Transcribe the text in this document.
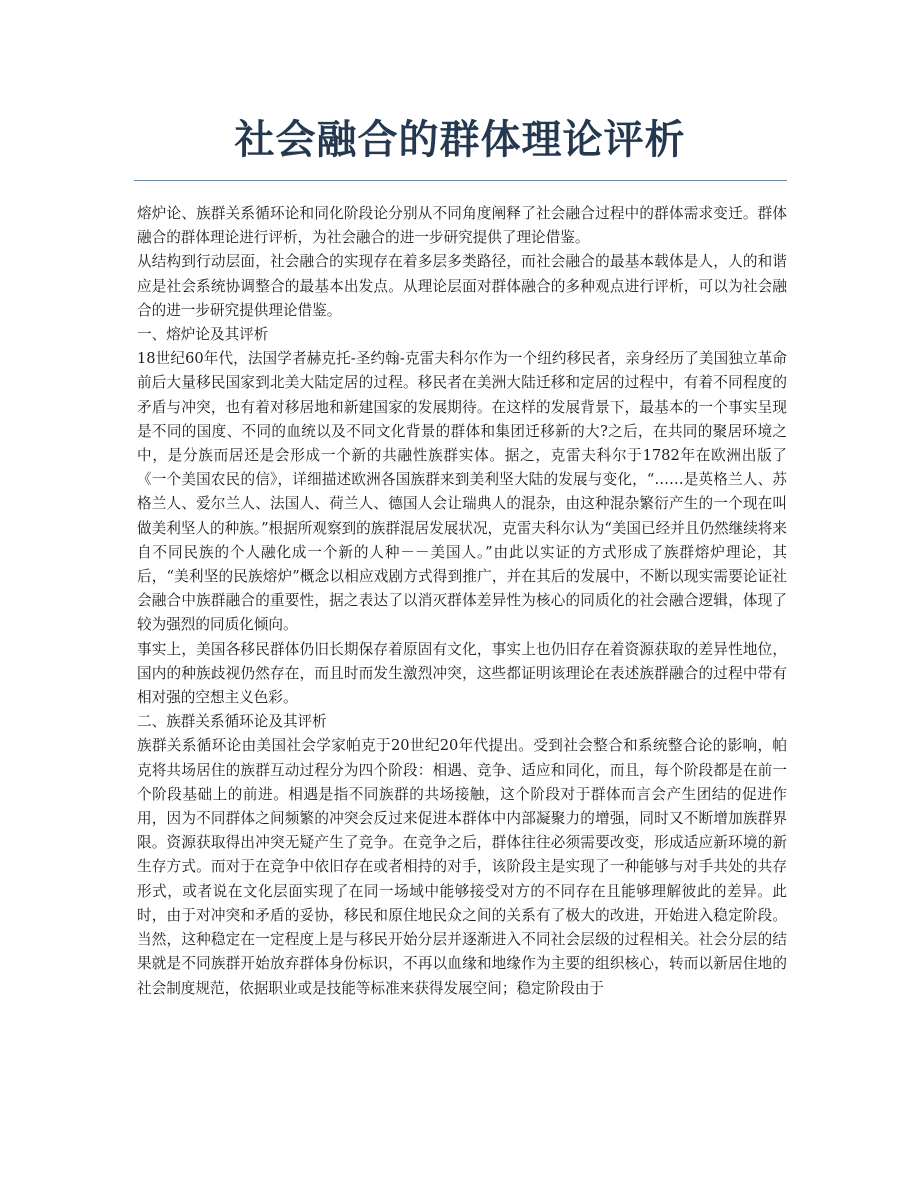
社会融合的群体理论评析

熔炉论、族群关系循环论和同化阶段论分别从不同角度阐释了社会融合过程中的群体需求变迁。群体融合的群体理论进行评析，为社会融合的进一步研究提供了理论借鉴。

从结构到行动层面，社会融合的实现存在着多层多类路径，而社会融合的最基本载体是人，人的和谐应是社会系统协调整合的最基本出发点。从理论层面对群体融合的多种观点进行评析，可以为社会融合的进一步研究提供理论借鉴。

一、熔炉论及其评析

18世纪60年代，法国学者赫克托-圣约翰-克雷夫科尔作为一个纽约移民者，亲身经历了美国独立革命前后大量移民国家到北美大陆定居的过程。移民者在美洲大陆迁移和定居的过程中，有着不同程度的矛盾与冲突，也有着对移居地和新建国家的发展期待。在这样的发展背景下，最基本的一个事实呈现是不同的国度、不同的血统以及不同文化背景的群体和集团迁移新的大?之后，在共同的聚居环境之中，是分族而居还是会形成一个新的共融性族群实体。据之，克雷夫科尔于1782年在欧洲出版了《一个美国农民的信》，详细描述欧洲各国族群来到美利坚大陆的发展与变化，“……是英格兰人、苏格兰人、爱尔兰人、法国人、荷兰人、德国人会让瑞典人的混杂，由这种混杂繁衍产生的一个现在叫做美利坚人的种族。”根据所观察到的族群混居发展状况，克雷夫科尔认为“美国已经并且仍然继续将来自不同民族的个人融化成一个新的人种－－美国人。”由此以实证的方式形成了族群熔炉理论，其后，“美利坚的民族熔炉”概念以相应戏剧方式得到推广，并在其后的发展中，不断以现实需要论证社会融合中族群融合的重要性，据之表达了以消灭群体差异性为核心的同质化的社会融合逻辑，体现了较为强烈的同质化倾向。

事实上，美国各移民群体仍旧长期保存着原固有文化，事实上也仍旧存在着资源获取的差异性地位，国内的种族歧视仍然存在，而且时而发生激烈冲突，这些都证明该理论在表述族群融合的过程中带有相对强的空想主义色彩。

二、族群关系循环论及其评析

族群关系循环论由美国社会学家帕克于20世纪20年代提出。受到社会整合和系统整合论的影响，帕克将共场居住的族群互动过程分为四个阶段：相遇、竞争、适应和同化，而且，每个阶段都是在前一个阶段基础上的前进。相遇是指不同族群的共场接触，这个阶段对于群体而言会产生团结的促进作用，因为不同群体之间频繁的冲突会反过来促进本群体中内部凝聚力的增强，同时又不断增加族群界限。资源获取得出冲突无疑产生了竞争。在竞争之后，群体往往必须需要改变，形成适应新环境的新生存方式。而对于在竞争中依旧存在或者相持的对手，该阶段主是实现了一种能够与对手共处的共存形式，或者说在文化层面实现了在同一场域中能够接受对方的不同存在且能够理解彼此的差异。此时，由于对冲突和矛盾的妥协，移民和原住地民众之间的关系有了极大的改进，开始进入稳定阶段。当然，这种稳定在一定程度上是与移民开始分层并逐渐进入不同社会层级的过程相关。社会分层的结果就是不同族群开始放弃群体身份标识，不再以血缘和地缘作为主要的组织核心，转而以新居住地的社会制度规范，依据职业或是技能等标准来获得发展空间；稳定阶段由于
